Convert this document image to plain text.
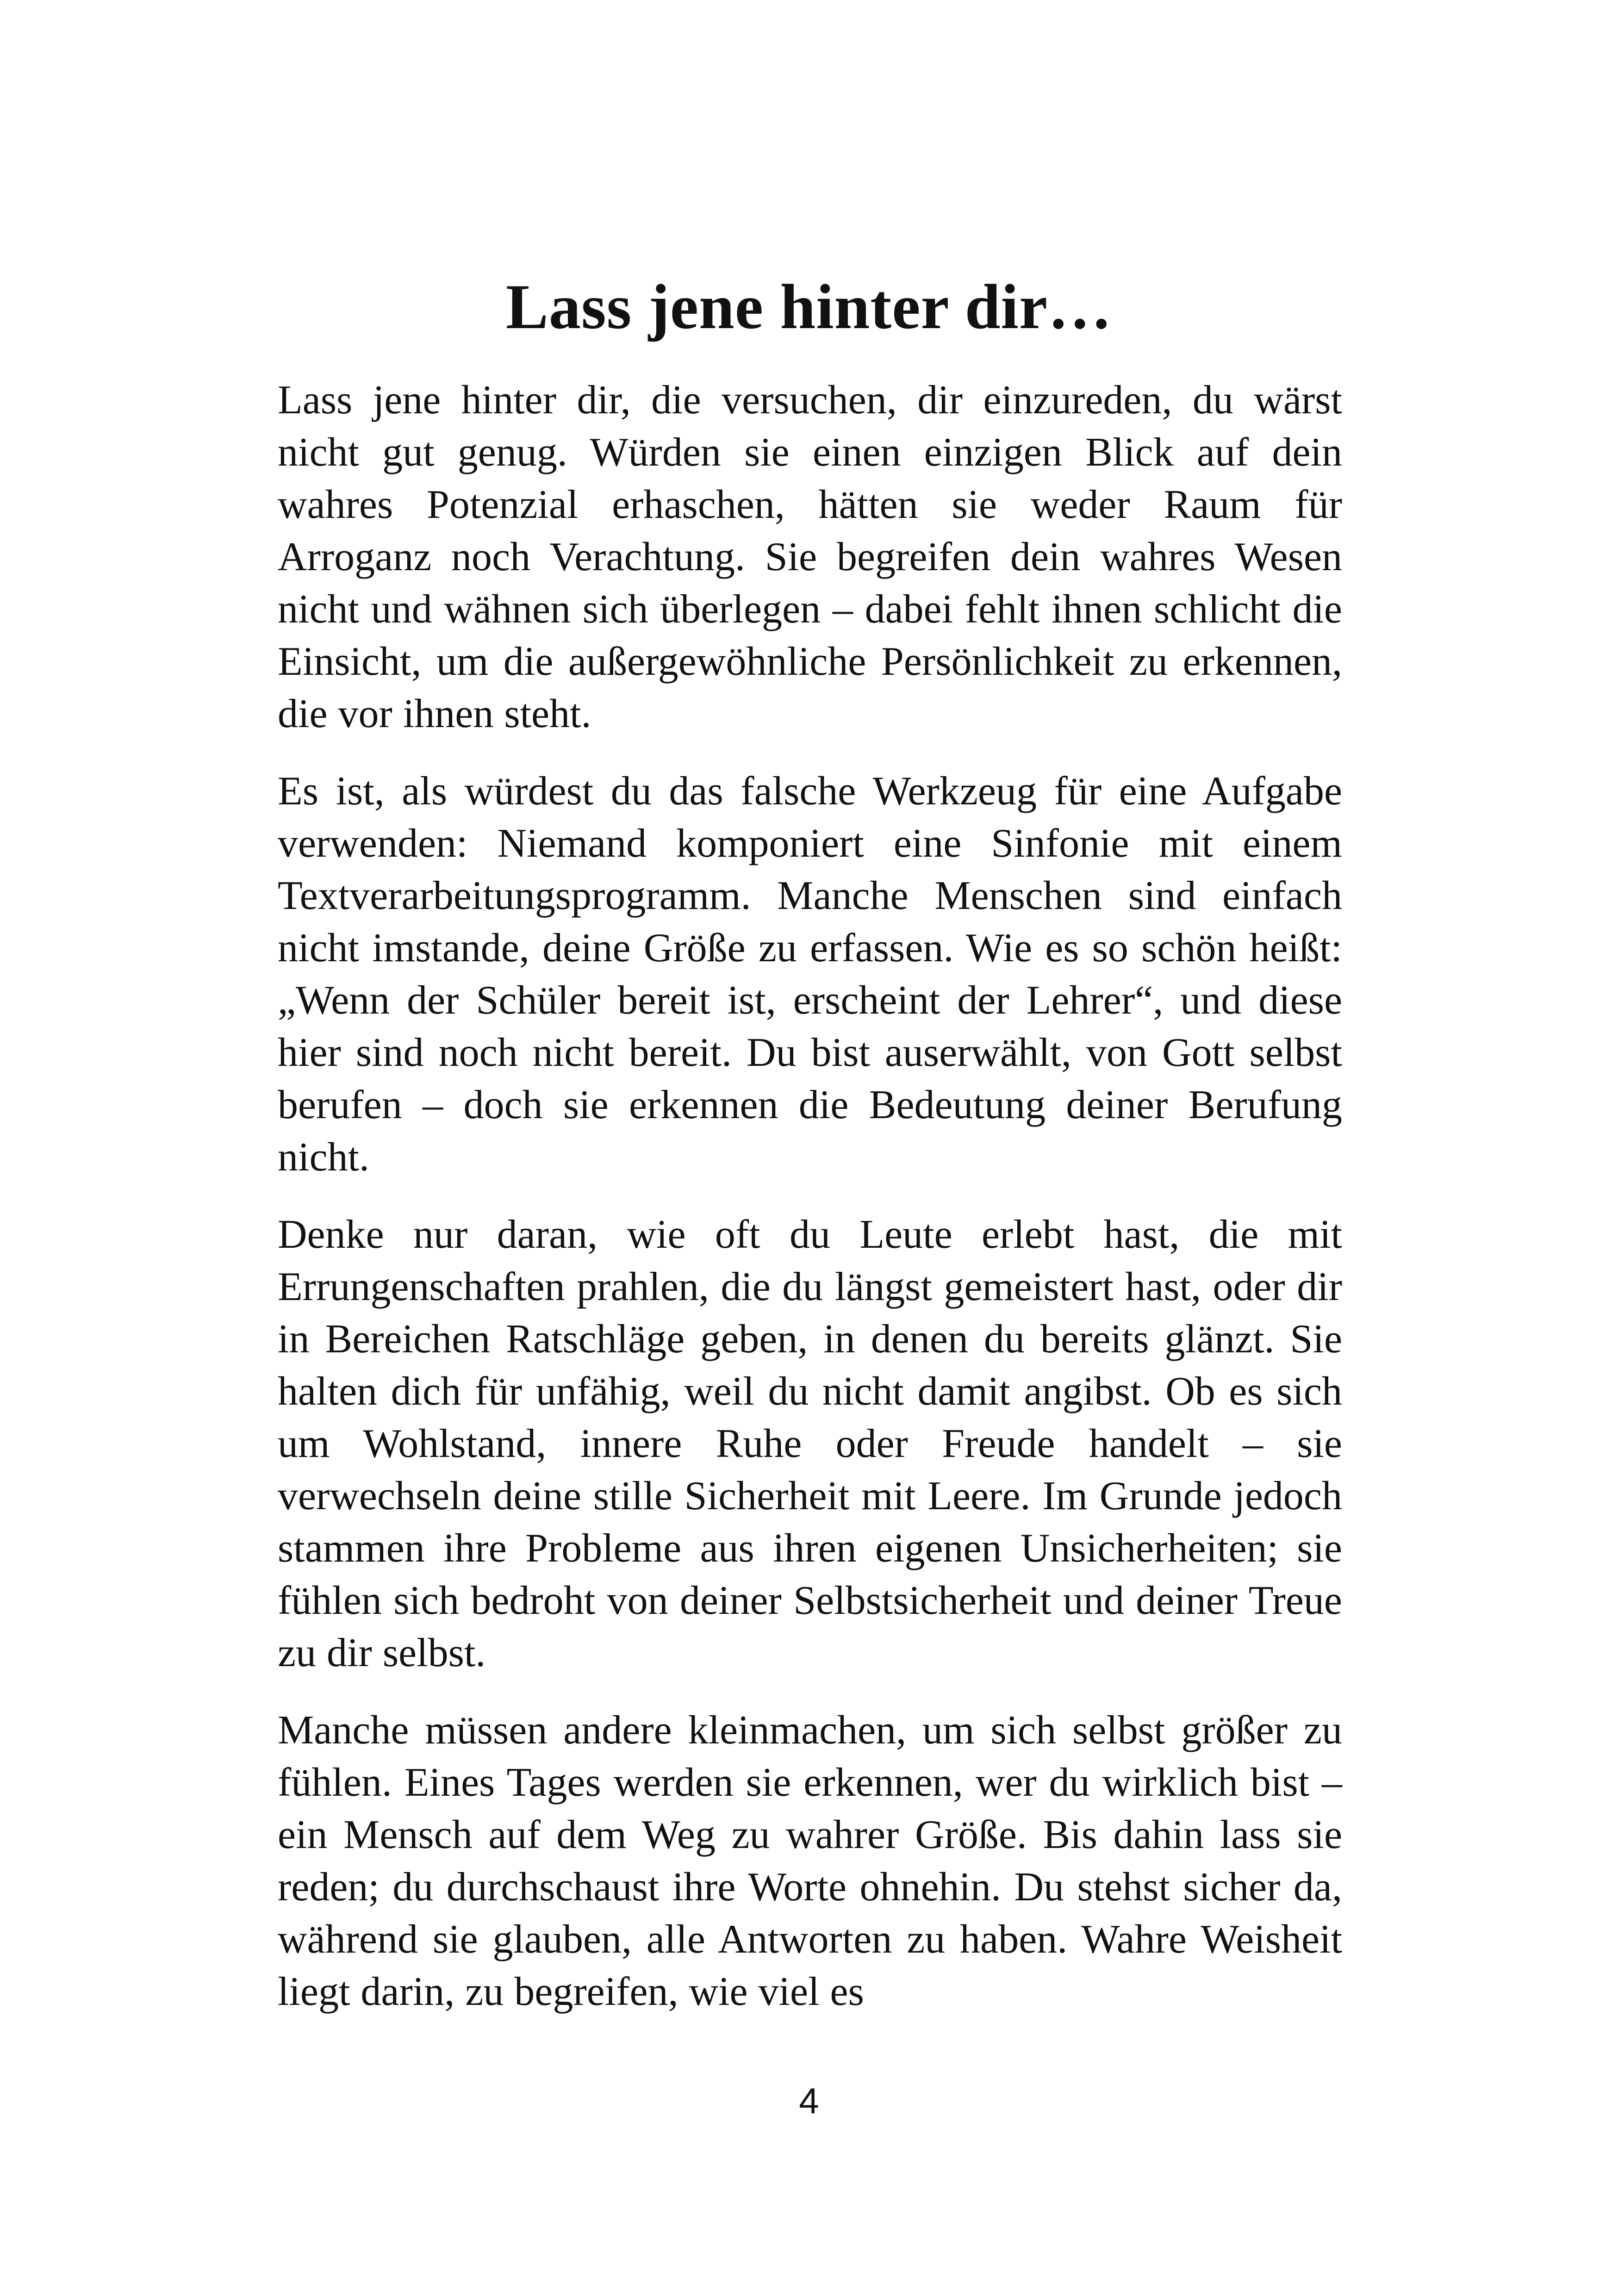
Lass jene hinter dir…

Lass jene hinter dir, die versuchen, dir einzureden, du wärst nicht gut genug. Würden sie einen einzigen Blick auf dein wahres Potenzial erhaschen, hätten sie weder Raum für Arroganz noch Verachtung. Sie begreifen dein wahres Wesen nicht und wähnen sich überlegen – dabei fehlt ihnen schlicht die Einsicht, um die außergewöhnliche Persönlichkeit zu erkennen, die vor ihnen steht.

Es ist, als würdest du das falsche Werkzeug für eine Aufgabe verwenden: Niemand komponiert eine Sinfonie mit einem Textverarbeitungsprogramm. Manche Menschen sind einfach nicht imstande, deine Größe zu erfassen. Wie es so schön heißt: „Wenn der Schüler bereit ist, erscheint der Lehrer“, und diese hier sind noch nicht bereit. Du bist auserwählt, von Gott selbst berufen – doch sie erkennen die Bedeutung deiner Berufung nicht.

Denke nur daran, wie oft du Leute erlebt hast, die mit Errungenschaften prahlen, die du längst gemeistert hast, oder dir in Bereichen Ratschläge geben, in denen du bereits glänzt. Sie halten dich für unfähig, weil du nicht damit angibst. Ob es sich um Wohlstand, innere Ruhe oder Freude handelt – sie verwechseln deine stille Sicherheit mit Leere. Im Grunde jedoch stammen ihre Probleme aus ihren eigenen Unsicherheiten; sie fühlen sich bedroht von deiner Selbstsicherheit und deiner Treue zu dir selbst.

Manche müssen andere kleinmachen, um sich selbst größer zu fühlen. Eines Tages werden sie erkennen, wer du wirklich bist – ein Mensch auf dem Weg zu wahrer Größe. Bis dahin lass sie reden; du durchschaust ihre Worte ohnehin. Du stehst sicher da, während sie glauben, alle Antworten zu haben. Wahre Weisheit liegt darin, zu begreifen, wie viel es

4
